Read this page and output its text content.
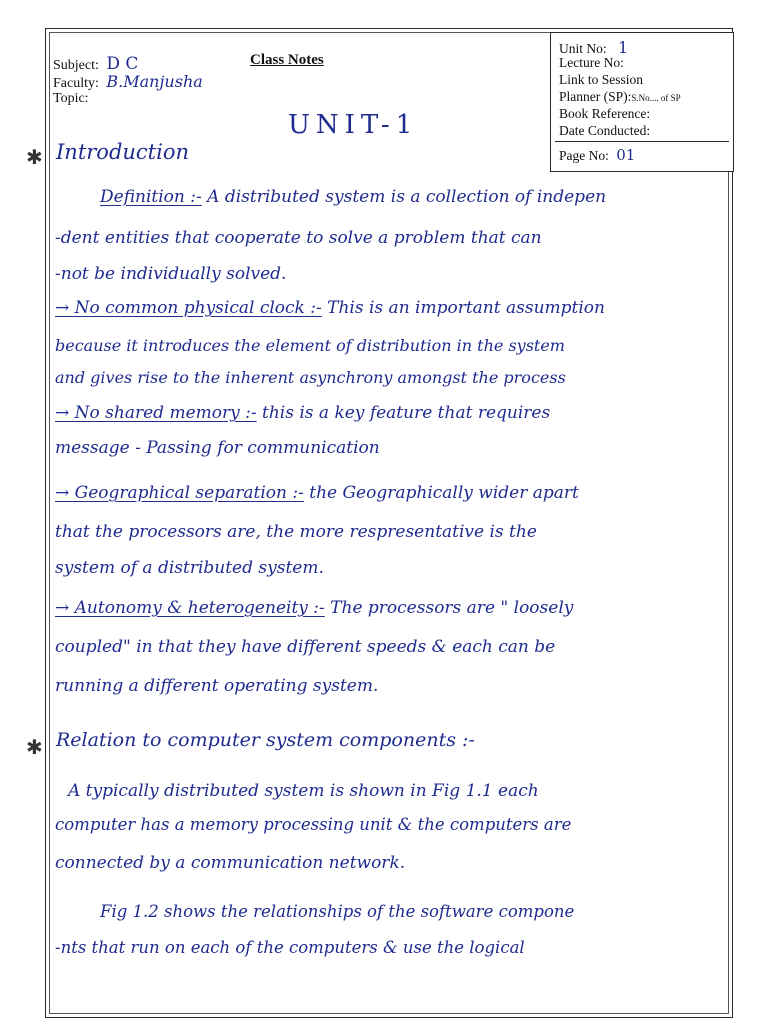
Subject: D C
Faculty: B.Manjusha
Topic:
Class Notes
UNIT-1
Unit No: 1
Lecture No:
Link to Session
Planner (SP):S.No.... of SP
Book Reference:
Date Conducted:
Page No: 01
✱ Introduction
Definition :- A distributed system is a collection of indepen
-dent entities that cooperate to solve a problem that can
-not be individually solved.
→ No common physical clock :- This is an important assumption
because it introduces the element of distribution in the system
and gives rise to the inherent asynchrony amongst the process
→ No shared memory :- this is a key feature that requires
message - Passing for communication
→ Geographical separation :- the Geographically wider apart
that the processors are, the more respresentative is the
system of a distributed system.
→ Autonomy & heterogeneity :- The processors are " loosely
coupled" in that they have different speeds & each can be
running a different operating system.
✱ Relation to computer system components :-
A typically distributed system is shown in Fig 1.1 each
computer has a memory processing unit & the computers are
connected by a communication network.
Fig 1.2 shows the relationships of the software compone
-nts that run on each of the computers & use the logical
